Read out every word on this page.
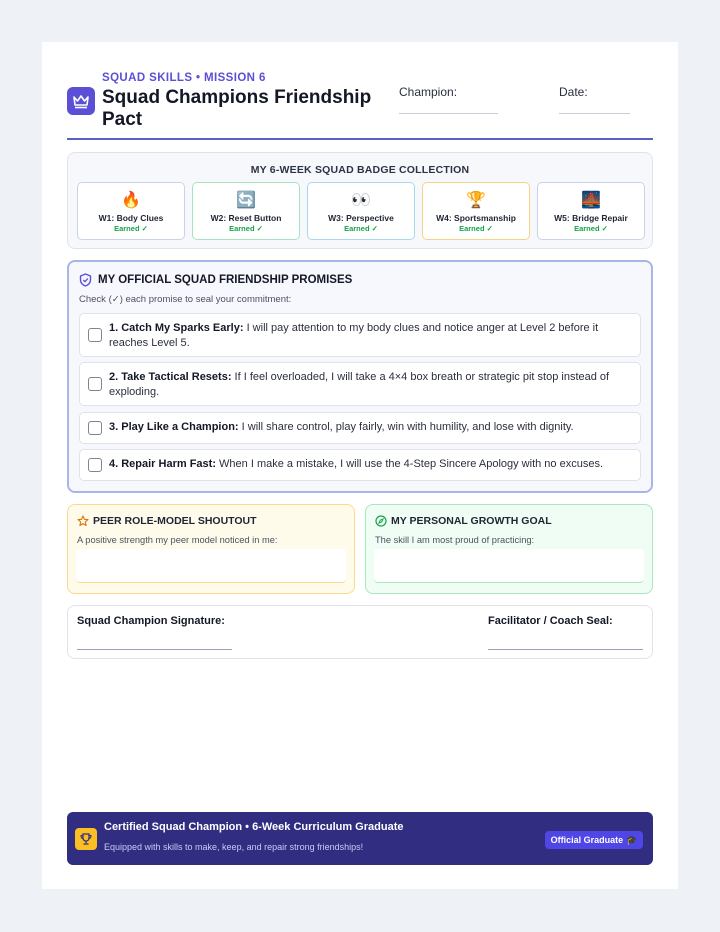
SQUAD SKILLS • MISSION 6
Squad Champions Friendship Pact
Champion:	Date:
MY 6-WEEK SQUAD BADGE COLLECTION
🔥
W1: Body Clues
Earned ✓
🔄
W2: Reset Button
Earned ✓
👀
W3: Perspective
Earned ✓
🏆
W4: Sportsmanship
Earned ✓
🌉
W5: Bridge Repair
Earned ✓
MY OFFICIAL SQUAD FRIENDSHIP PROMISES
Check (✓) each promise to seal your commitment:
1. Catch My Sparks Early: I will pay attention to my body clues and notice anger at Level 2 before it reaches Level 5.
2. Take Tactical Resets: If I feel overloaded, I will take a 4×4 box breath or strategic pit stop instead of exploding.
3. Play Like a Champion: I will share control, play fairly, win with humility, and lose with dignity.
4. Repair Harm Fast: When I make a mistake, I will use the 4-Step Sincere Apology with no excuses.
PEER ROLE-MODEL SHOUTOUT
A positive strength my peer model noticed in me:
MY PERSONAL GROWTH GOAL
The skill I am most proud of practicing:
Squad Champion Signature:	Facilitator / Coach Seal:
Certified Squad Champion • 6-Week Curriculum Graduate
Equipped with skills to make, keep, and repair strong friendships!
Official Graduate 🎓
